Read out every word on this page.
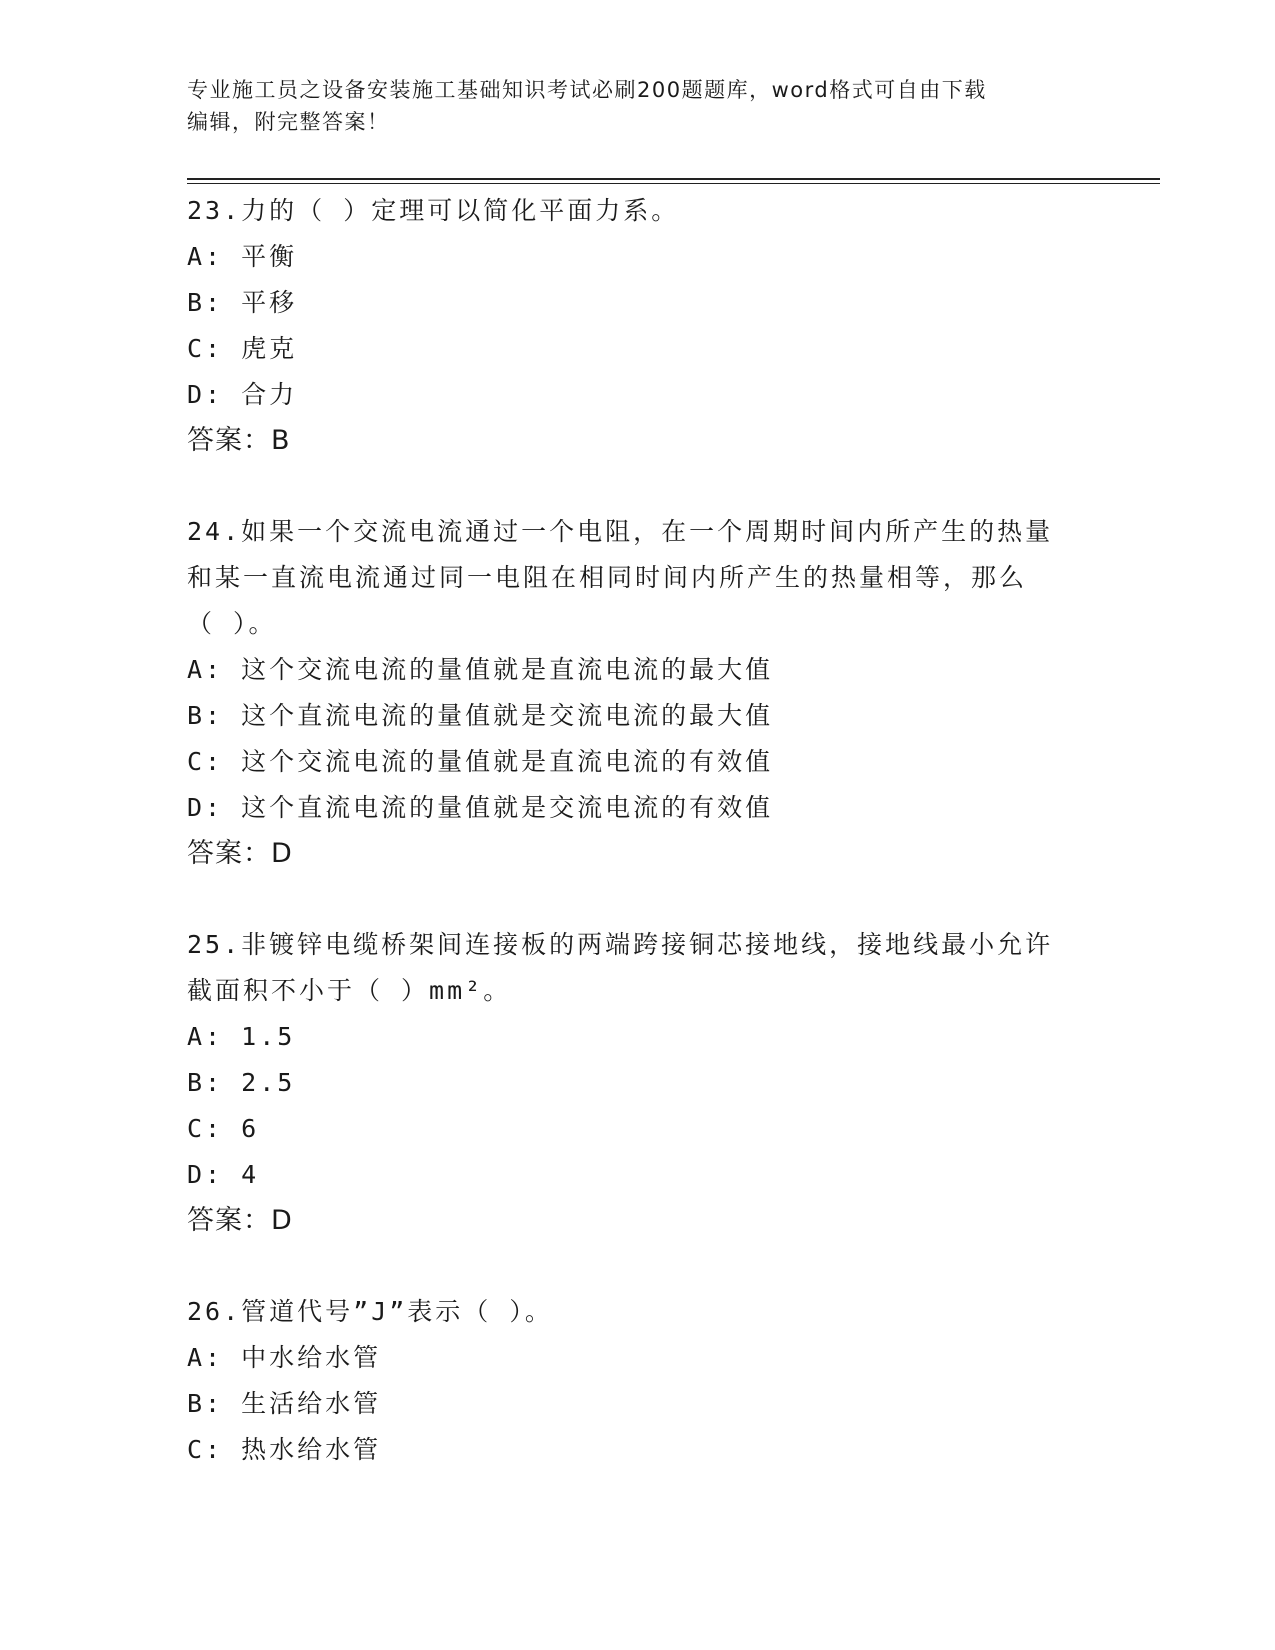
专业施工员之设备安装施工基础知识考试必刷200题题库，word格式可自由下载
编辑，附完整答案！
23.力的（ ）定理可以简化平面力系。
A: 平衡
B: 平移
C: 虎克
D: 合力
答案：B
24.如果一个交流电流通过一个电阻，在一个周期时间内所产生的热量
和某一直流电流通过同一电阻在相同时间内所产生的热量相等，那么
（ ）。
A: 这个交流电流的量值就是直流电流的最大值
B: 这个直流电流的量值就是交流电流的最大值
C: 这个交流电流的量值就是直流电流的有效值
D: 这个直流电流的量值就是交流电流的有效值
答案：D
25.非镀锌电缆桥架间连接板的两端跨接铜芯接地线，接地线最小允许
截面积不小于（ ）mm²。
A: 1.5
B: 2.5
C: 6
D: 4
答案：D
26.管道代号”J”表示（ ）。
A: 中水给水管
B: 生活给水管
C: 热水给水管
